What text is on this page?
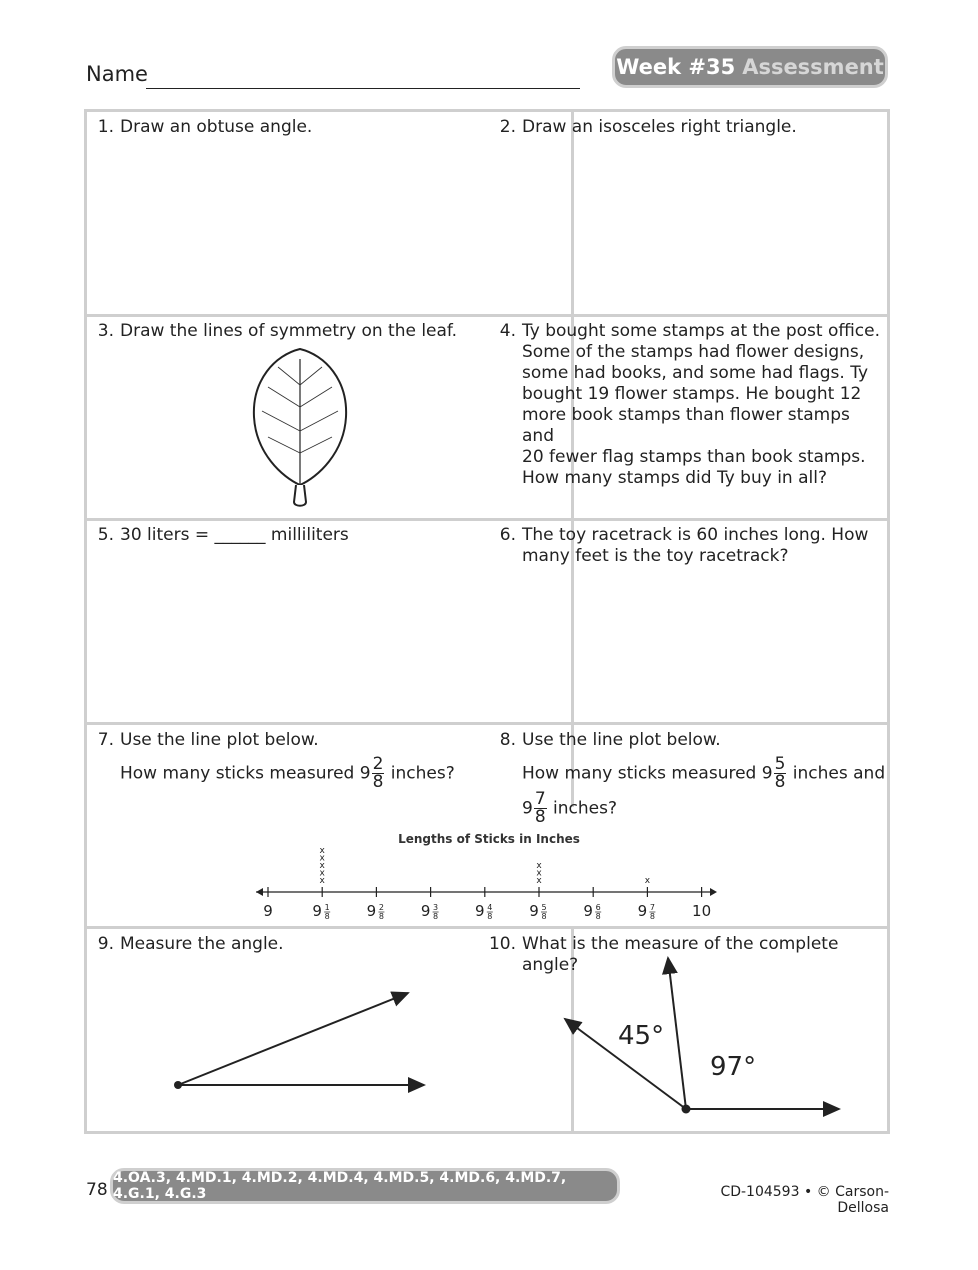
Name	Week #35 Assessment
1. Draw an obtuse angle.	2. Draw an isosceles right triangle.
3. Draw the lines of symmetry on the leaf.	4. Ty bought some stamps at the post office.
Some of the stamps had flower designs,
some had books, and some had flags. Ty
bought 19 flower stamps. He bought 12
more book stamps than flower stamps and
20 fewer flag stamps than book stamps.
How many stamps did Ty buy in all?
5. 30 liters = ______ milliliters	6. The toy racetrack is 60 inches long. How
many feet is the toy racetrack?
7. Use the line plot below.	8. Use the line plot below.
9. Measure the angle.	10. What is the measure of the complete
angle?
How many sticks measured $9 \frac{2}{8}$ inches?	How many sticks measured $9 \frac{5}{8}$ inches and
$9 \frac{7}{8}$ inches?
Lengths of Sticks in Inches
9	9 1
8
x
x
x
x
x
9 2
8 9 3
8 9 4
8 9 5
8
x
x
x
9 6
8 9 7
8
x
10
45°
97°
78
4.OA.3, 4.MD.1, 4.MD.2, 4.MD.4, 4.MD.5, 4.MD.6, 4.MD.7, 4.G.1, 4.G.3	CD-104593 • © Carson-Dellosa
